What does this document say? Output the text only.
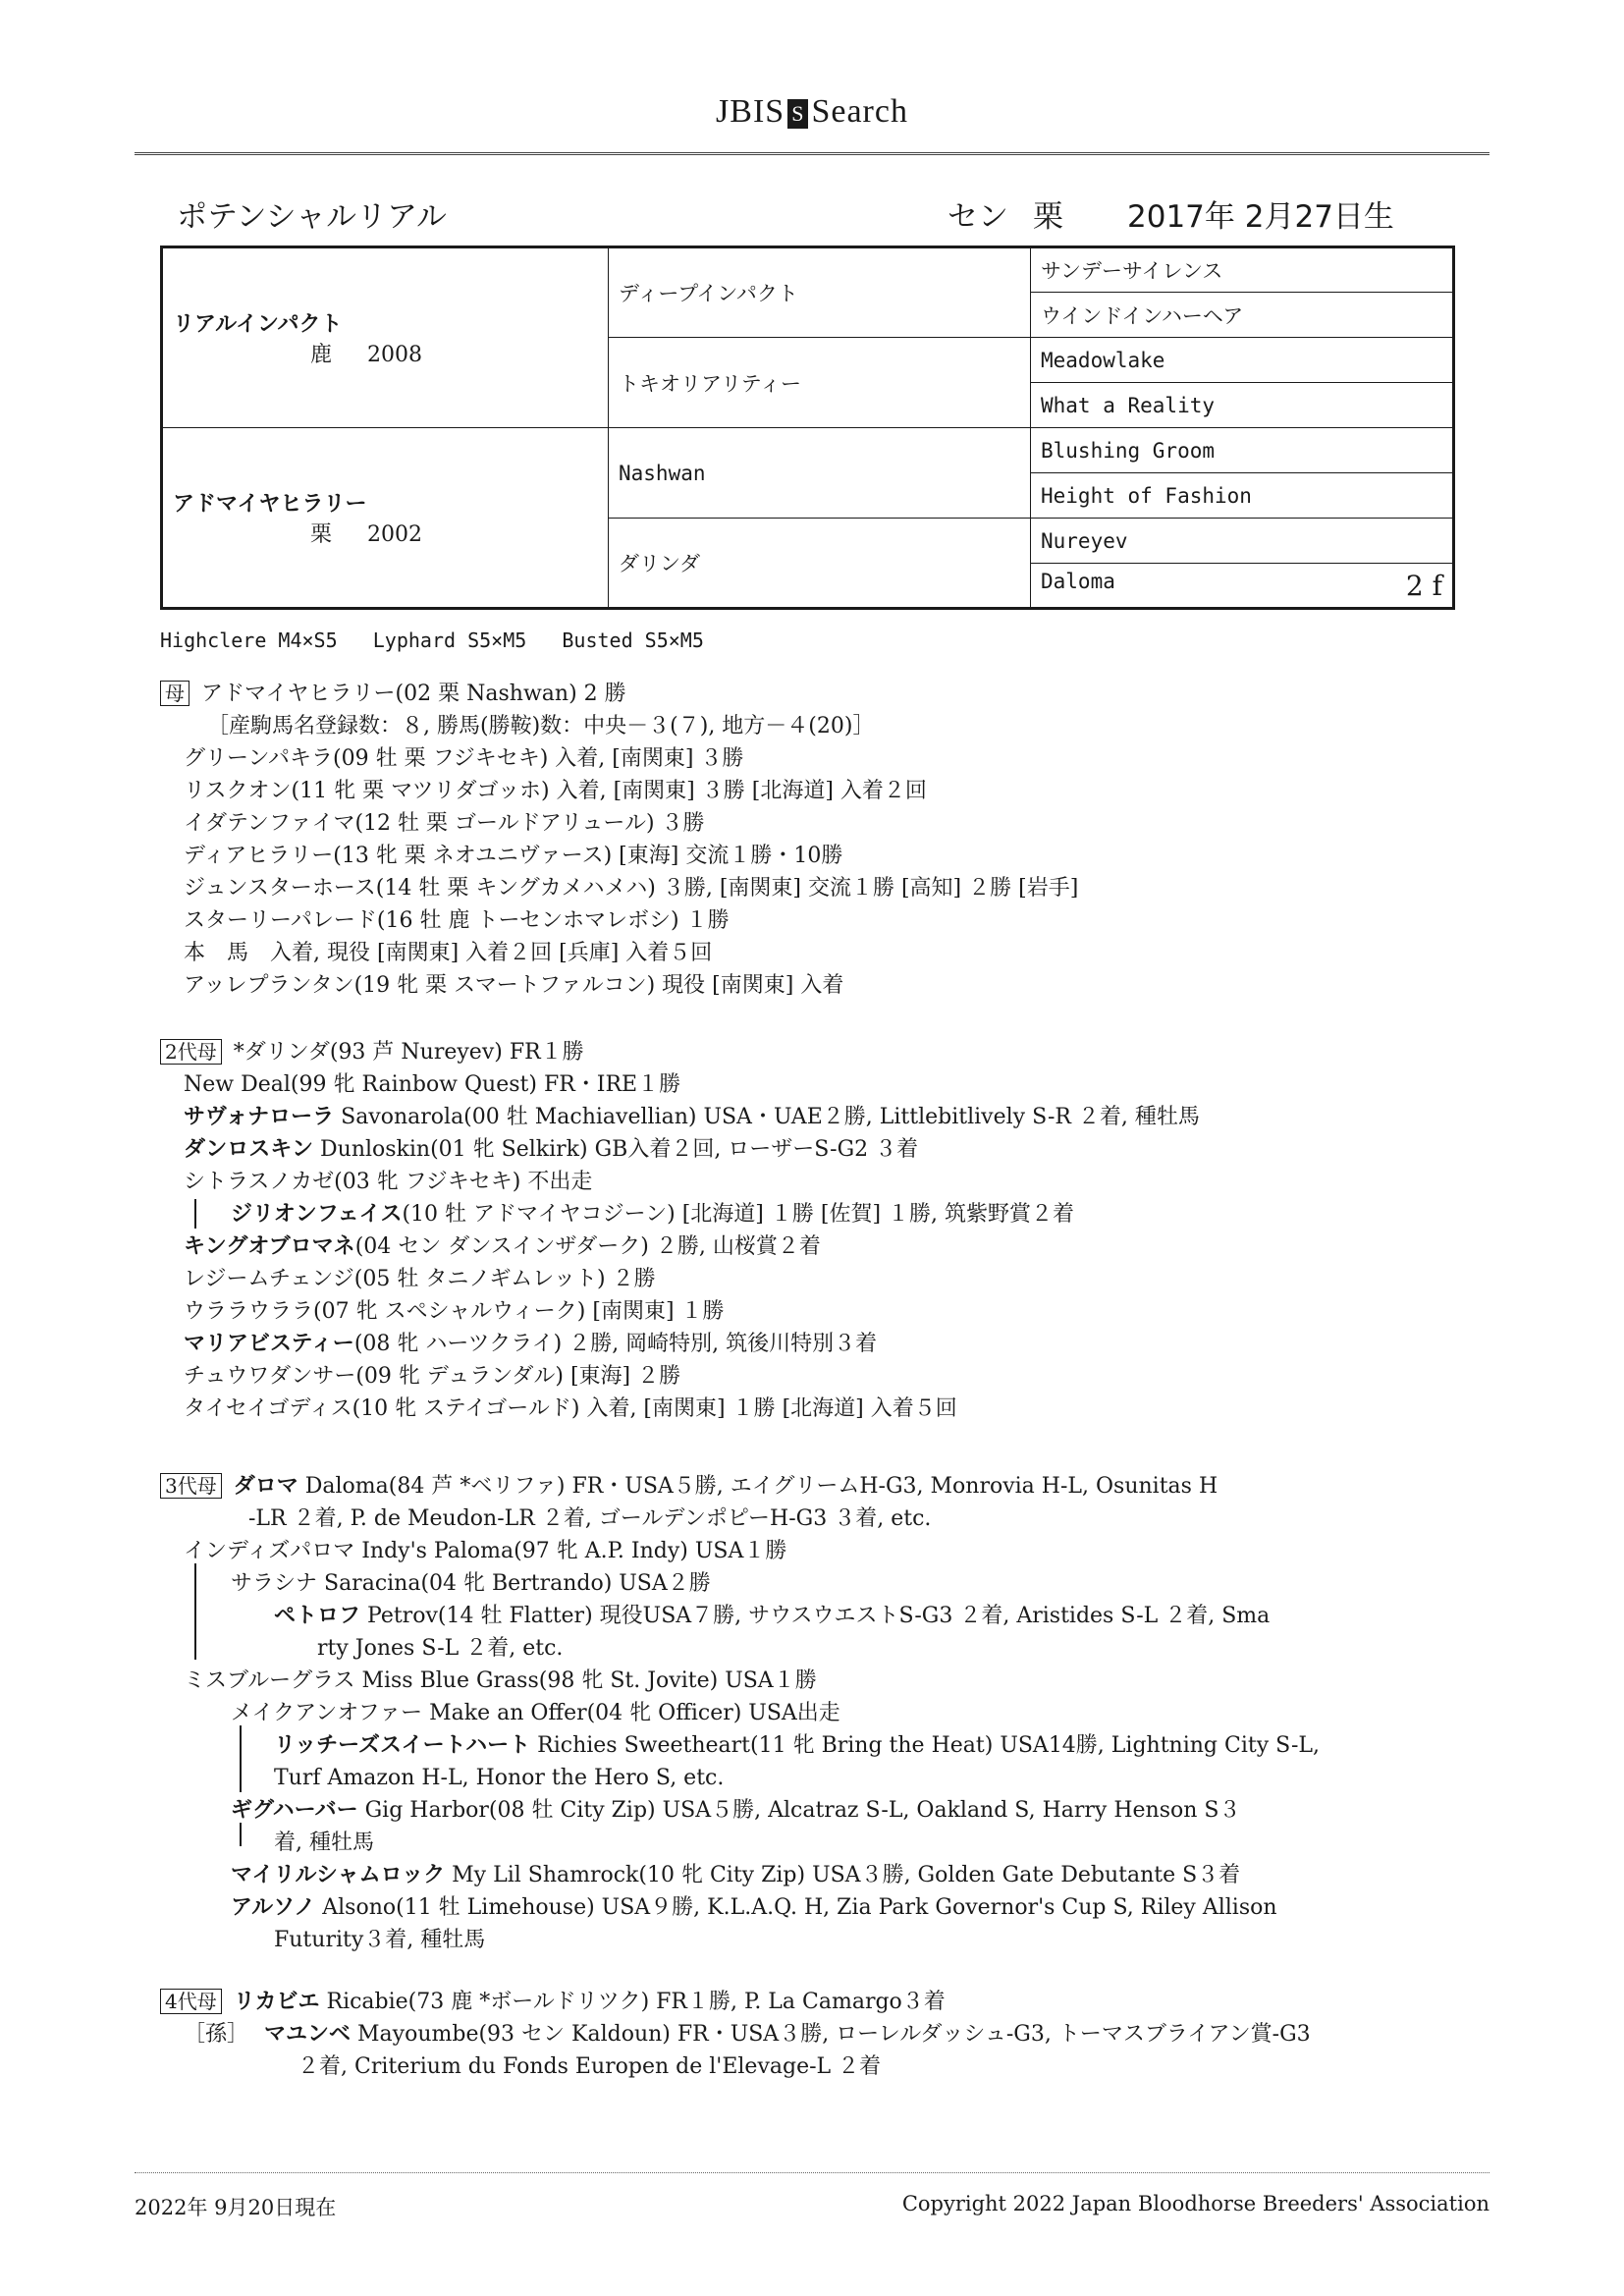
JBIS S Search
ポテンシャルリアル	セン 栗 2017年 2月27日生
リアルインパクト
鹿 2008	ディープインパクト	サンデーサイレンス
		ウインドインハーヘア
	トキオリアリティー	Meadowlake
		What a Reality

アドマイヤヒラリー
栗 2002	Nashwan	Blushing Groom
		Height of Fashion
	ダリンダ	Nureyev
		Daloma 2 f
Highclere M4×S5   Lyphard S5×M5   Busted S5×M5
母 アドマイヤヒラリー(02 栗 Nashwan) 2 勝
［産駒馬名登録数：８, 勝馬(勝鞍)数：中央－３(７), 地方－４(20)］
グリーンパキラ(09 牡 栗 フジキセキ) 入着, [南関東] ３勝
リスクオン(11 牝 栗 マツリダゴッホ) 入着, [南関東] ３勝 [北海道] 入着２回
イダテンファイマ(12 牡 栗 ゴールドアリュール) ３勝
ディアヒラリー(13 牝 栗 ネオユニヴァース) [東海] 交流１勝・10勝
ジュンスターホース(14 牡 栗 キングカメハメハ) ３勝, [南関東] 交流１勝 [高知] ２勝 [岩手]
スターリーパレード(16 牡 鹿 トーセンホマレボシ) １勝
本　馬　入着, 現役 [南関東] 入着２回 [兵庫] 入着５回
アッレプランタン(19 牝 栗 スマートファルコン) 現役 [南関東] 入着
2代母 *ダリンダ(93 芦 Nureyev) FR１勝
New Deal(99 牝 Rainbow Quest) FR・IRE１勝
サヴォナローラ Savonarola(00 牡 Machiavellian) USA・UAE２勝, Littlebitlively S-R ２着, 種牡馬
ダンロスキン Dunloskin(01 牝 Selkirk) GB入着２回, ローザーS-G2 ３着
シトラスノカゼ(03 牝 フジキセキ) 不出走
ジリオンフェイス(10 牡 アドマイヤコジーン) [北海道] １勝 [佐賀] １勝, 筑紫野賞２着
キングオブロマネ(04 セン ダンスインザダーク) ２勝, 山桜賞２着
レジームチェンジ(05 牡 タニノギムレット) ２勝
ウララウララ(07 牝 スペシャルウィーク) [南関東] １勝
マリアビスティー(08 牝 ハーツクライ) ２勝, 岡崎特別, 筑後川特別３着
チュウワダンサー(09 牝 デュランダル) [東海] ２勝
タイセイゴディス(10 牝 ステイゴールド) 入着, [南関東] １勝 [北海道] 入着５回
3代母 ダロマ Daloma(84 芦 *ベリファ) FR・USA５勝, エイグリームH-G3, Monrovia H-L, Osunitas H
-LR ２着, P. de Meudon-LR ２着, ゴールデンポピーH-G3 ３着, etc.
インディズパロマ Indy's Paloma(97 牝 A.P. Indy) USA１勝
サラシナ Saracina(04 牝 Bertrando) USA２勝
ペトロフ Petrov(14 牡 Flatter) 現役USA７勝, サウスウエストS-G3 ２着, Aristides S-L ２着, Sma
rty Jones S-L ２着, etc.
ミスブルーグラス Miss Blue Grass(98 牝 St. Jovite) USA１勝
メイクアンオファー Make an Offer(04 牝 Officer) USA出走
リッチーズスイートハート Richies Sweetheart(11 牝 Bring the Heat) USA14勝, Lightning City S-L,
Turf Amazon H-L, Honor the Hero S, etc.
ギグハーバー Gig Harbor(08 牡 City Zip) USA５勝, Alcatraz S-L, Oakland S, Harry Henson S３
着, 種牡馬
マイリルシャムロック My Lil Shamrock(10 牝 City Zip) USA３勝, Golden Gate Debutante S３着
アルソノ Alsono(11 牡 Limehouse) USA９勝, K.L.A.Q. H, Zia Park Governor's Cup S, Riley Allison
Futurity３着, 種牡馬
4代母 リカビエ Ricabie(73 鹿 *ボールドリツク) FR１勝, P. La Camargo３着
［孫］ マユンベ Mayoumbe(93 セン Kaldoun) FR・USA３勝, ローレルダッシュ-G3, トーマスブライアン賞-G3
２着, Criterium du Fonds Europen de l'Elevage-L ２着
2022年 9月20日現在	Copyright 2022 Japan Bloodhorse Breeders' Association
